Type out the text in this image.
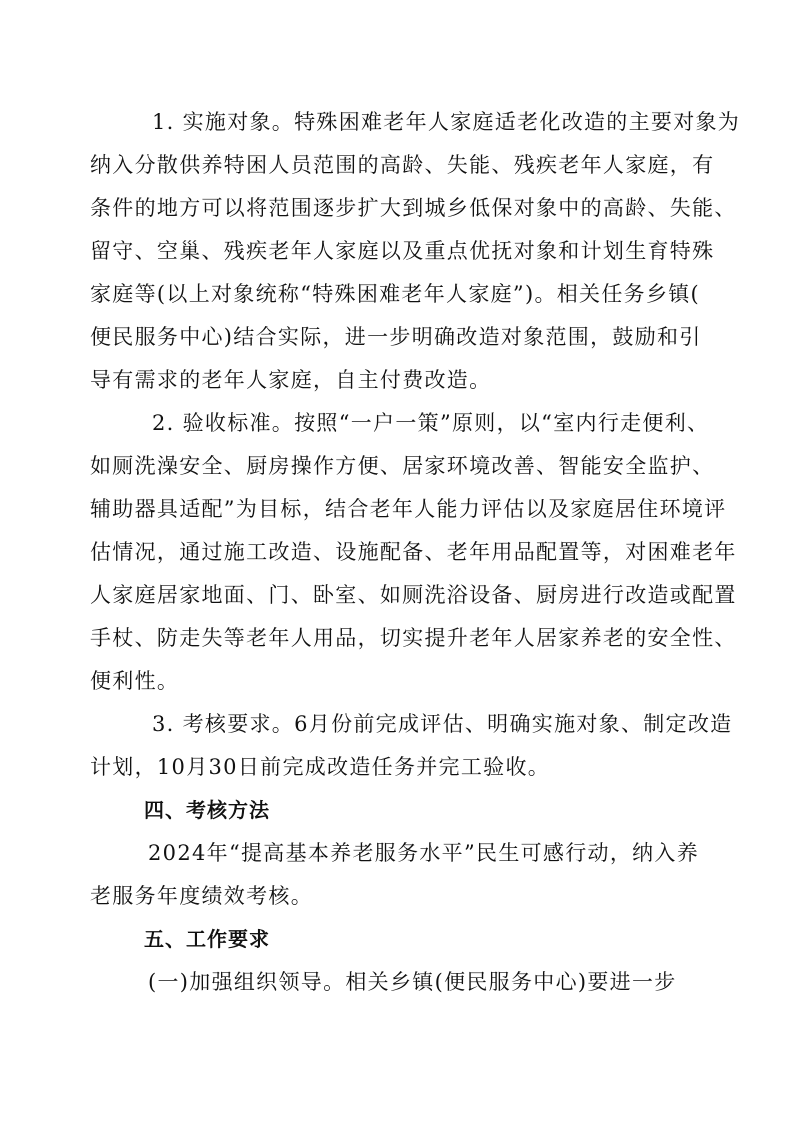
1. 实施对象。特殊困难老年人家庭适老化改造的主要对象为
纳入分散供养特困人员范围的高龄、失能、残疾老年人家庭，有
条件的地方可以将范围逐步扩大到城乡低保对象中的高龄、失能、
留守、空巢、残疾老年人家庭以及重点优抚对象和计划生育特殊
家庭等(以上对象统称“特殊困难老年人家庭”)。相关任务乡镇(
便民服务中心)结合实际，进一步明确改造对象范围，鼓励和引
导有需求的老年人家庭，自主付费改造。
2. 验收标准。按照“一户一策”原则，以“室内行走便利、
如厕洗澡安全、厨房操作方便、居家环境改善、智能安全监护、
辅助器具适配”为目标，结合老年人能力评估以及家庭居住环境评
估情况，通过施工改造、设施配备、老年用品配置等，对困难老年
人家庭居家地面、门、卧室、如厕洗浴设备、厨房进行改造或配置
手杖、防走失等老年人用品，切实提升老年人居家养老的安全性、
便利性。
3. 考核要求。6月份前完成评估、明确实施对象、制定改造
计划，10月30日前完成改造任务并完工验收。
四、考核方法
2024年“提高基本养老服务水平”民生可感行动，纳入养
老服务年度绩效考核。
五、工作要求
(一)加强组织领导。相关乡镇(便民服务中心)要进一步
